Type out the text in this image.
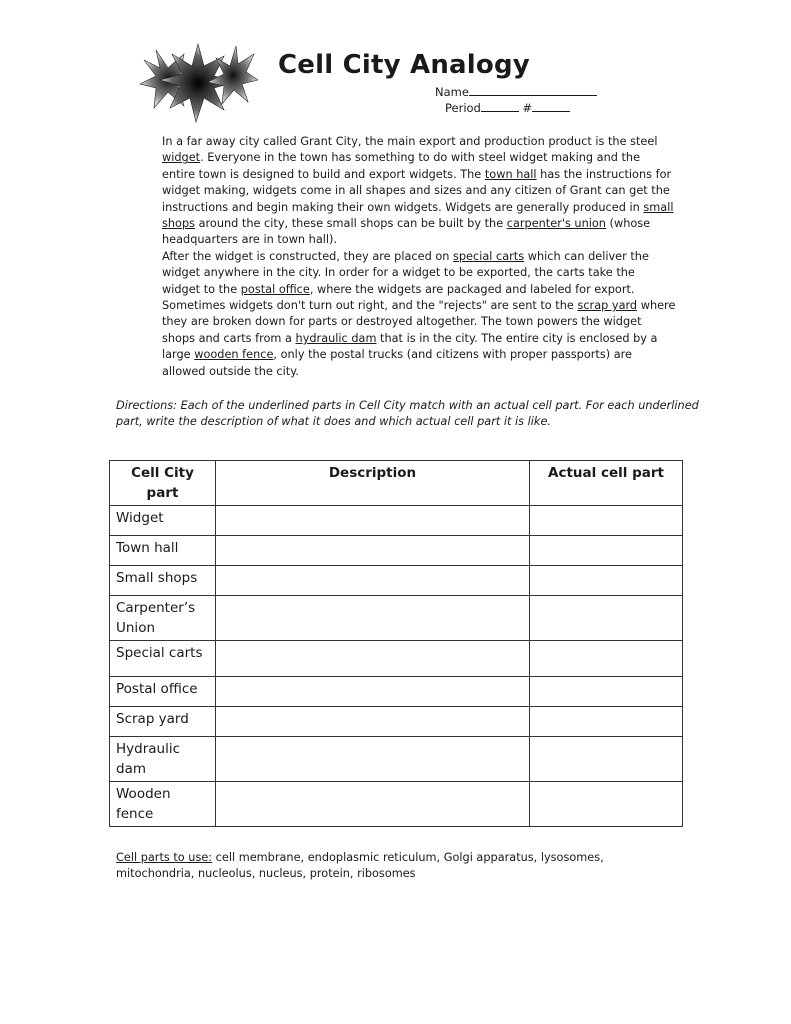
Cell City Analogy
Name
Period	#

In a far away city called Grant City, the main export and production product is the steel widget. Everyone in the town has something to do with steel widget making and the entire town is designed to build and export widgets. The town hall has the instructions for widget making, widgets come in all shapes and sizes and any citizen of Grant can get the instructions and begin making their own widgets. Widgets are generally produced in small shops around the city, these small shops can be built by the carpenter's union (whose headquarters are in town hall).

After the widget is constructed, they are placed on special carts which can deliver the widget anywhere in the city. In order for a widget to be exported, the carts take the widget to the postal office, where the widgets are packaged and labeled for export. Sometimes widgets don't turn out right, and the "rejects" are sent to the scrap yard where they are broken down for parts or destroyed altogether. The town powers the widget shops and carts from a hydraulic dam that is in the city. The entire city is enclosed by a large wooden fence, only the postal trucks (and citizens with proper passports) are allowed outside the city.

Directions: Each of the underlined parts in Cell City match with an actual cell part. For each underlined part, write the description of what it does and which actual cell part it is like.

Cell City part	Description	Actual cell part
Widget		
Town hall		
Small shops		
Carpenter’s Union		
Special carts		
Postal office		
Scrap yard		
Hydraulic dam		
Wooden fence		

Cell parts to use: cell membrane, endoplasmic reticulum, Golgi apparatus, lysosomes, mitochondria, nucleolus, nucleus, protein, ribosomes
